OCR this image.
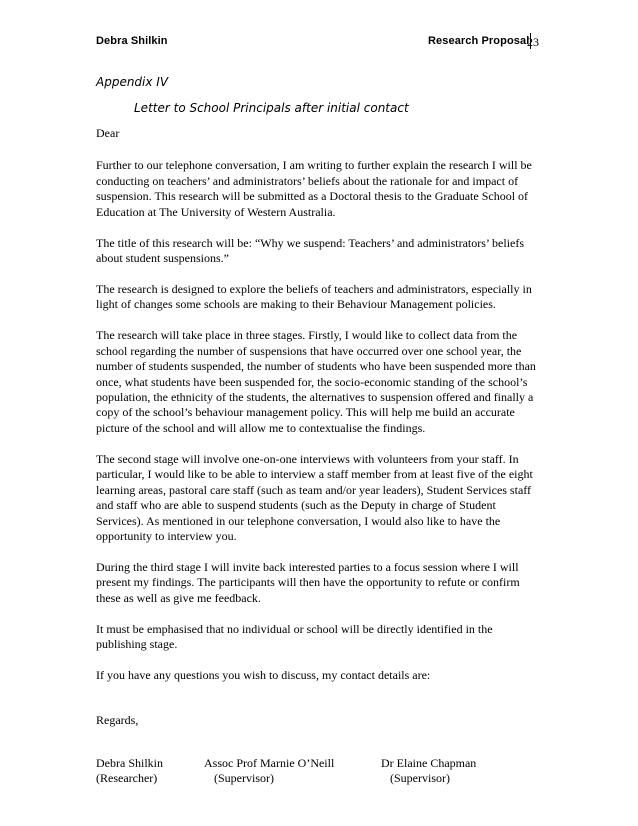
Debra Shilkin	Research Proposal
23
Appendix IV
Letter to School Principals after initial contact

Dear

Further to our telephone conversation, I am writing to further explain the research I will be conducting on teachers’ and administrators’ beliefs about the rationale for and impact of suspension. This research will be submitted as a Doctoral thesis to the Graduate School of Education at The University of Western Australia.

The title of this research will be: “Why we suspend: Teachers’ and administrators’ beliefs about student suspensions.”

The research is designed to explore the beliefs of teachers and administrators, especially in light of changes some schools are making to their Behaviour Management policies.

The research will take place in three stages. Firstly, I would like to collect data from the school regarding the number of suspensions that have occurred over one school year, the number of students suspended, the number of students who have been suspended more than once, what students have been suspended for, the socio-economic standing of the school’s population, the ethnicity of the students, the alternatives to suspension offered and finally a copy of the school’s behaviour management policy. This will help me build an accurate picture of the school and will allow me to contextualise the findings.

The second stage will involve one-on-one interviews with volunteers from your staff. In particular, I would like to be able to interview a staff member from at least five of the eight learning areas, pastoral care staff (such as team and/or year leaders), Student Services staff and staff who are able to suspend students (such as the Deputy in charge of Student Services). As mentioned in our telephone conversation, I would also like to have the opportunity to interview you.

During the third stage I will invite back interested parties to a focus session where I will present my findings. The participants will then have the opportunity to refute or confirm these as well as give me feedback.

It must be emphasised that no individual or school will be directly identified in the publishing stage.

If you have any questions you wish to discuss, my contact details are:

Regards,

Debra Shilkin
(Researcher)
Assoc Prof Marnie O’Neill
(Supervisor)
Dr Elaine Chapman
(Supervisor)
